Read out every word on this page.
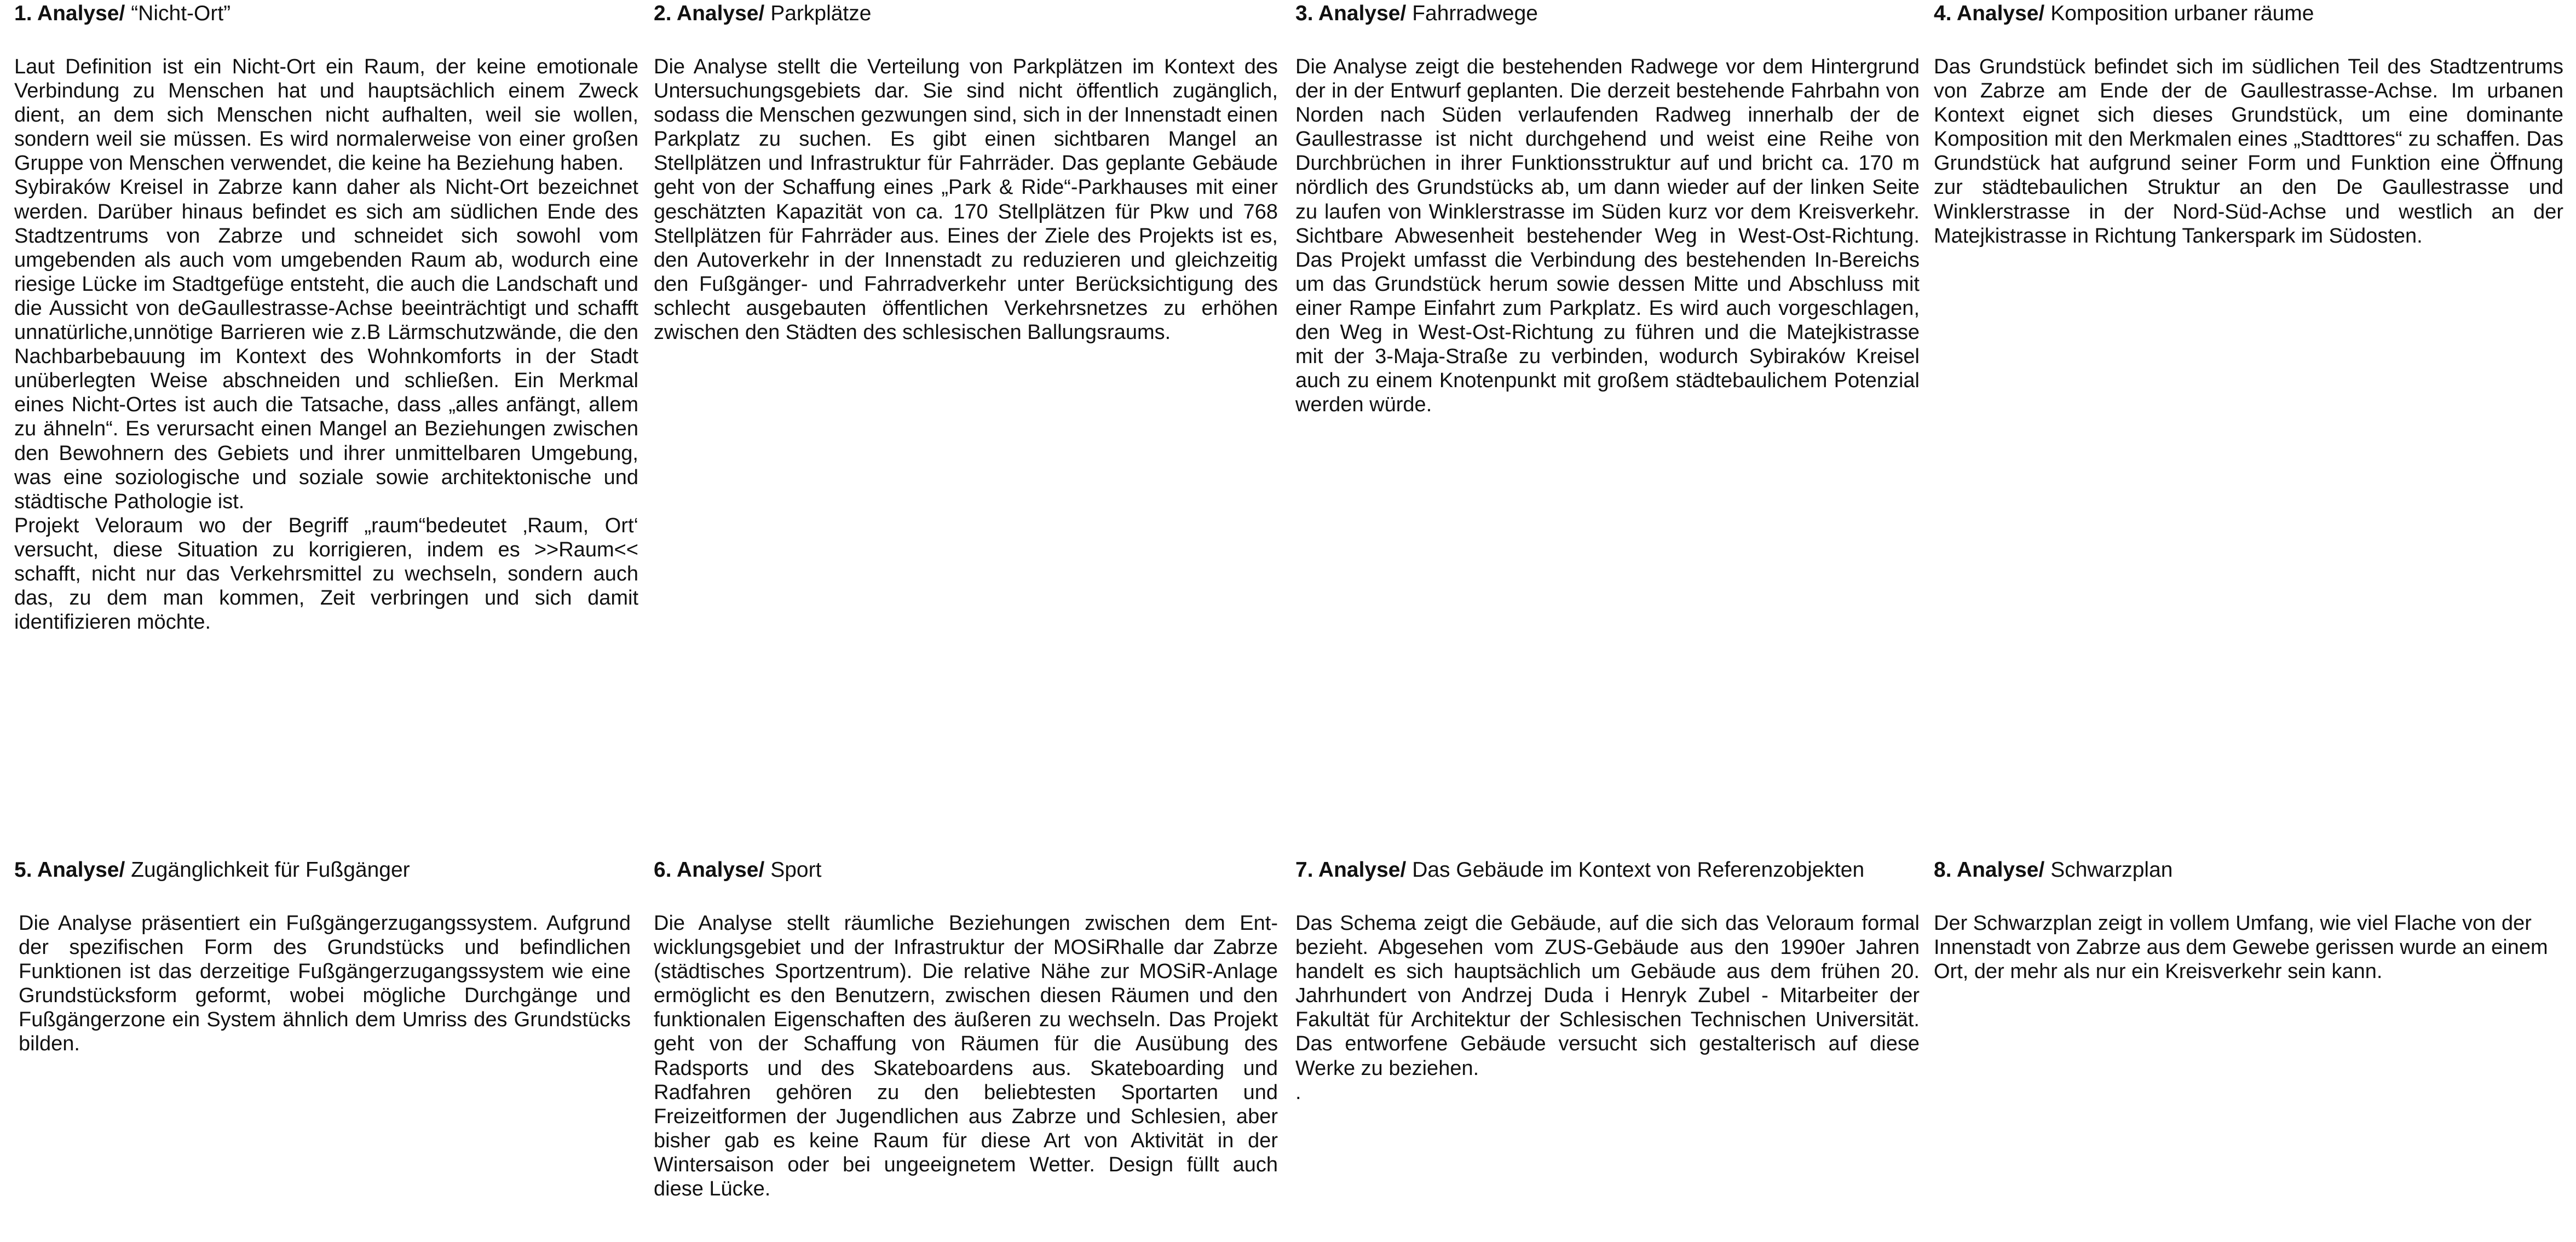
1. Analyse/ “Nicht-Ort”

Laut Definition ist ein Nicht-Ort ein Raum, der keine emotionale Verbindung zu Menschen hat und hauptsächlich einem Zweck dient, an dem sich Menschen nicht aufhalten, weil sie wollen, sondern weil sie müssen. Es wird normalerweise von einer großen Gruppe von Menschen verwendet, die keine ha Beziehung haben.

Sybiraków Kreisel in Zabrze kann daher als Nicht-Ort bezeichnet werden. Darüber hinaus befindet es sich am südlichen Ende des Stadtzentrums von Zabrze und schneidet sich sowohl vom umgebenden als auch vom umgebenden Raum ab, wodurch eine riesige Lücke im Stadtgefüge entsteht, die auch die Landschaft und die Aussicht von deGaullestrasse-Achse beeinträchtigt und schafft unnatürliche,unnötige Barrieren wie z.B Lärmschutzwände, die den Nachbarbebauung im Kontext des Wohnkomforts in der Stadt unüberlegten Weise abschneiden und schließen. Ein Merkmal eines Nicht-Ortes ist auch die Tatsache, dass „alles anfängt, allem zu ähneln“. Es verursacht einen Mangel an Beziehungen zwischen den Bewohnern des Gebiets und ihrer unmittelbaren Umgebung, was eine soziologische und soziale sowie architektonische und städtische Pathologie ist.

Projekt Veloraum wo der Begriff „raum“bedeutet ‚Raum, Ort‘ versucht, diese Situation zu korrigieren, indem es >>Raum<< schafft, nicht nur das Verkehrsmittel zu wechseln, sondern auch das, zu dem man kommen, Zeit verbringen und sich damit identifizieren möchte.

2. Analyse/ Parkplätze

Die Analyse stellt die Verteilung von Parkplätzen im Kontext des Untersuchungsgebiets dar. Sie sind nicht öffentlich zugänglich, sodass die Menschen gezwungen sind, sich in der Innenstadt einen Parkplatz zu suchen. Es gibt einen sichtbaren Mangel an Stellplätzen und Infrastruktur für Fahrräder. Das geplante Gebäude geht von der Schaffung eines „Park & Ride“-Parkhauses mit einer geschätzten Kapazität von ca. 170 Stellplätzen für Pkw und 768 Stellplätzen für Fahrräder aus. Eines der Ziele des Projekts ist es, den Autoverkehr in der Innenstadt zu reduzieren und gleichzeitig den Fußgänger- und Fahrradverkehr unter Berücksichtigung des schlecht ausgebauten öffentlichen Verkehrsnetzes zu erhöhen zwischen den Städten des schlesischen Ballungsraums.

3. Analyse/ Fahrradwege

Die Analyse zeigt die bestehenden Radwege vor dem Hintergrund der in der Entwurf geplanten. Die derzeit bestehende Fahrbahn von Norden nach Süden verlaufenden Radweg innerhalb der de Gaullestrasse ist nicht durchgehend und weist eine Reihe von Durchbrüchen in ihrer Funktionsstruktur auf und bricht ca. 170 m nördlich des Grundstücks ab, um dann wieder auf der linken Seite zu laufen von Winklerstrasse im Süden kurz vor dem Kreisverkehr. Sichtbare Abwesenheit bestehender Weg in West-Ost-Richtung. Das Projekt umfasst die Verbindung des bestehenden In-Bereichs um das Grundstück herum sowie dessen Mitte und Abschluss mit einer Rampe Einfahrt zum Parkplatz. Es wird auch vorgeschlagen, den Weg in West-Ost-Richtung zu führen und die Matejkistrasse mit der 3-Maja-Straße zu verbinden, wodurch Sybiraków Kreisel auch zu einem Knotenpunkt mit großem städtebaulichem Potenzial werden würde.

4. Analyse/ Komposition urbaner räume

Das Grundstück befindet sich im südlichen Teil des Stadtzentrums von Zabrze am Ende der de Gaullestrasse-Achse. Im urbanen Kontext eignet sich dieses Grundstück, um eine dominante Komposition mit den Merkmalen eines „Stadttores“ zu schaffen. Das Grundstück hat aufgrund seiner Form und Funktion eine Öffnung zur städtebaulichen Struktur an den De Gaullestrasse und Winklerstrasse in der Nord-Süd-Achse und westlich an der Matejkistrasse in Richtung Tankerspark im Südosten.

5. Analyse/ Zugänglichkeit für Fußgänger

Die Analyse präsentiert ein Fußgängerzugangssystem. Aufgrund der spezifischen Form des Grundstücks und befindlichen Funktionen ist das derzeitige Fußgängerzugangssystem wie eine Grundstücksform geformt, wobei mögliche Durchgänge und Fußgängerzone ein System ähnlich dem Umriss des Grundstücks bilden.

6. Analyse/ Sport

Die Analyse stellt räumliche Beziehungen zwischen dem Entwicklungsgebiet und der Infrastruktur der MOSiRhalle dar Zabrze (städtisches Sportzentrum). Die relative Nähe zur MOSiR-Anlage ermöglicht es den Benutzern, zwischen diesen Räumen und den funktionalen Eigenschaften des äußeren zu wechseln. Das Projekt geht von der Schaffung von Räumen für die Ausübung des Radsports und des Skateboardens aus. Skateboarding und Radfahren gehören zu den beliebtesten Sportarten und Freizeitformen der Jugendlichen aus Zabrze und Schlesien, aber bisher gab es keine Raum für diese Art von Aktivität in der Wintersaison oder bei ungeeignetem Wetter. Design füllt auch diese Lücke.

7. Analyse/ Das Gebäude im Kontext von Referenzobjekten

Das Schema zeigt die Gebäude, auf die sich das Veloraum formal bezieht. Abgesehen vom ZUS-Gebäude aus den 1990er Jahren handelt es sich hauptsächlich um Gebäude aus dem frühen 20. Jahrhundert von Andrzej Duda i Henryk Zubel - Mitarbeiter der Fakultät für Architektur der Schlesischen Technischen Universität. Das entworfene Gebäude versucht sich gestalterisch auf diese Werke zu beziehen.

.

8. Analyse/ Schwarzplan

Der Schwarzplan zeigt in vollem Umfang, wie viel Flache von der Innenstadt von Zabrze aus dem Gewebe gerissen wurde an einem Ort, der mehr als nur ein Kreisverkehr sein kann.
